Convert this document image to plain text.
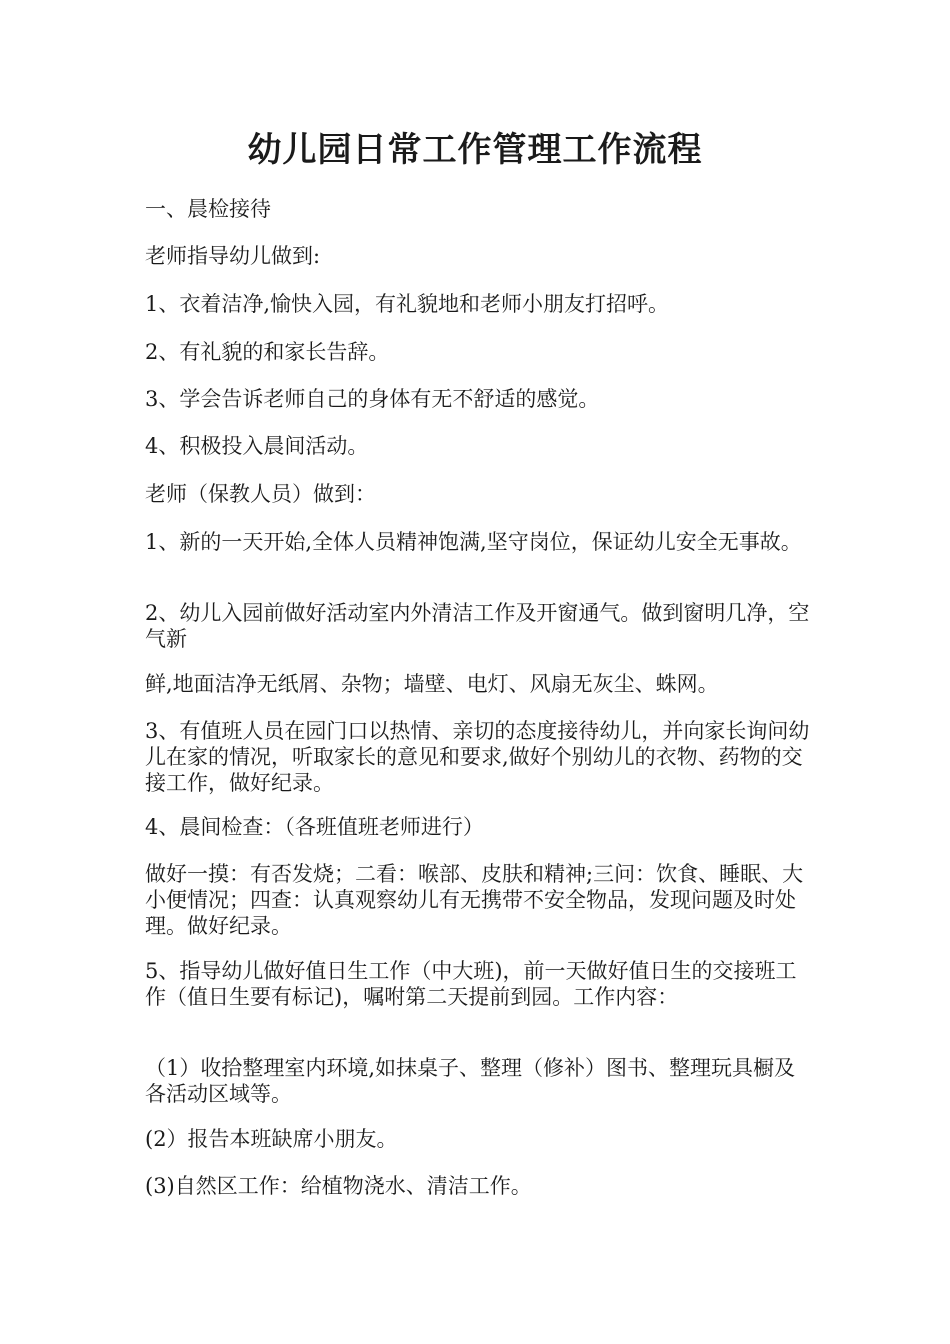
幼儿园日常工作管理工作流程

一、晨检接待

老师指导幼儿做到:

1、衣着洁净,愉快入园，有礼貌地和老师小朋友打招呼。

2、有礼貌的和家长告辞。

3、学会告诉老师自己的身体有无不舒适的感觉。

4、积极投入晨间活动。

老师（保教人员）做到：

1、新的一天开始,全体人员精神饱满,坚守岗位，保证幼儿安全无事故。

2、幼儿入园前做好活动室内外清洁工作及开窗通气。做到窗明几净，空气新

鲜,地面洁净无纸屑、杂物；墙壁、电灯、风扇无灰尘、蛛网。

3、有值班人员在园门口以热情、亲切的态度接待幼儿，并向家长询问幼儿在家的情况，听取家长的意见和要求,做好个别幼儿的衣物、药物的交接工作，做好纪录。

4、晨间检查：（各班值班老师进行）

做好一摸：有否发烧；二看：喉部、皮肤和精神;三问：饮食、睡眠、大小便情况；四查：认真观察幼儿有无携带不安全物品，发现问题及时处理。做好纪录。

5、指导幼儿做好值日生工作（中大班)，前一天做好值日生的交接班工作（值日生要有标记)，嘱咐第二天提前到园。工作内容：

（1）收拾整理室内环境,如抹桌子、整理（修补）图书、整理玩具橱及各活动区域等。

(2）报告本班缺席小朋友。

(3)自然区工作：给植物浇水、清洁工作。
